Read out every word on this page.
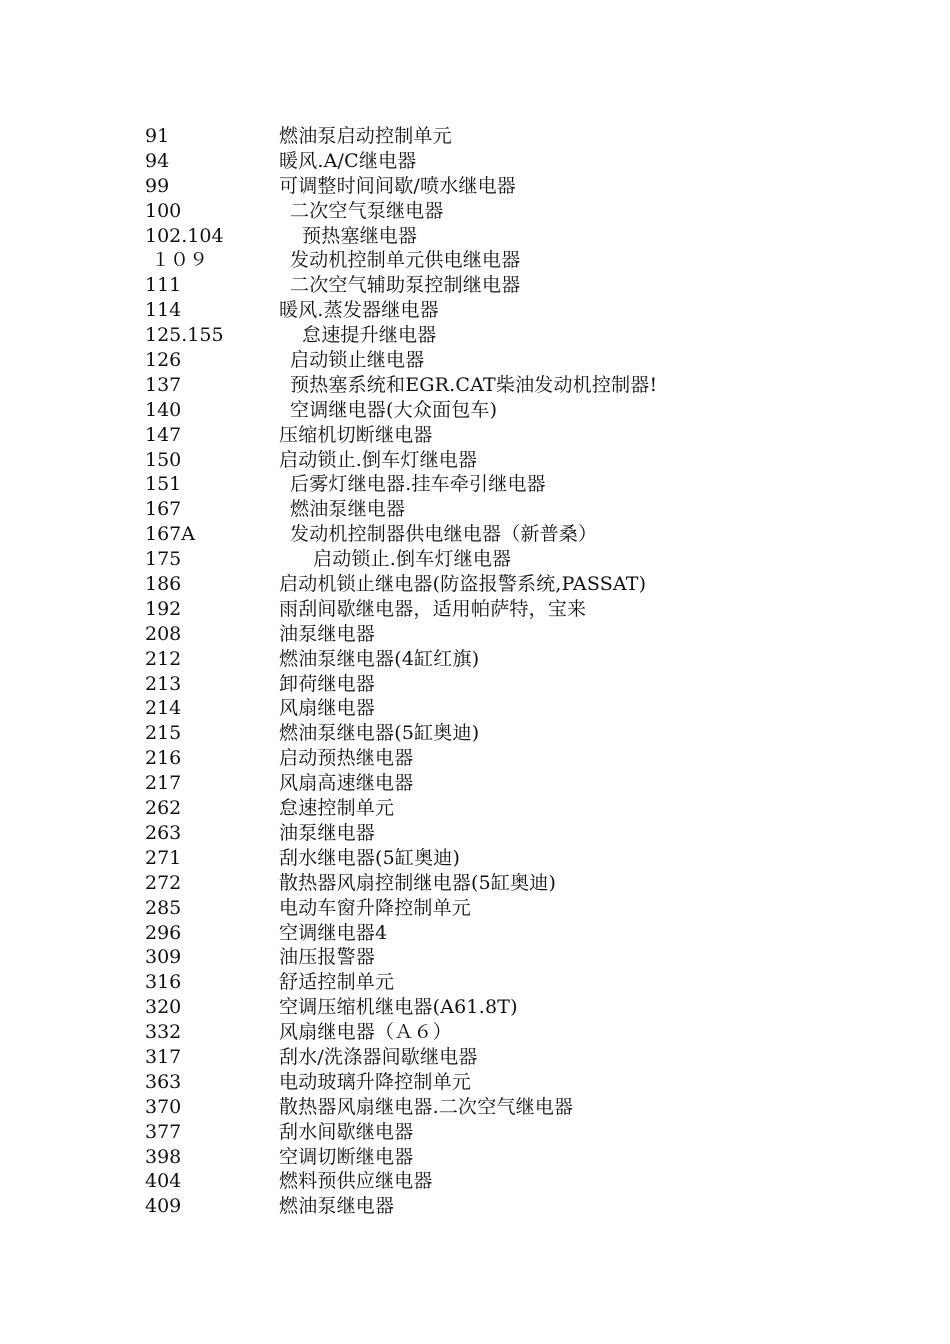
91	燃油泵启动控制单元
94	暖风.A/C继电器
99	可调整时间间歇/喷水继电器
100	二次空气泵继电器
102.104	预热塞继电器
１０９	发动机控制单元供电继电器
111	二次空气辅助泵控制继电器
114	暖风.蒸发器继电器
125.155	怠速提升继电器
126	启动锁止继电器
137	预热塞系统和EGR.CAT柴油发动机控制器!
140	空调继电器(大众面包车)
147	压缩机切断继电器
150	启动锁止.倒车灯继电器
151	后雾灯继电器.挂车牵引继电器
167	燃油泵继电器
167A	发动机控制器供电继电器（新普桑）
175	启动锁止.倒车灯继电器
186	启动机锁止继电器(防盗报警系统,PASSAT)
192	雨刮间歇继电器，适用帕萨特，宝来
208	油泵继电器
212	燃油泵继电器(4缸红旗)
213	卸荷继电器
214	风扇继电器
215	燃油泵继电器(5缸奥迪)
216	启动预热继电器
217	风扇高速继电器
262	怠速控制单元
263	油泵继电器
271	刮水继电器(5缸奥迪)
272	散热器风扇控制继电器(5缸奥迪)
285	电动车窗升降控制单元
296	空调继电器4
309	油压报警器
316	舒适控制单元
320	空调压缩机继电器(A61.8T)
332	风扇继电器（Ａ６）
317	刮水/洗涤器间歇继电器
363	电动玻璃升降控制单元
370	散热器风扇继电器.二次空气继电器
377	刮水间歇继电器
398	空调切断继电器
404	燃料预供应继电器
409	燃油泵继电器
